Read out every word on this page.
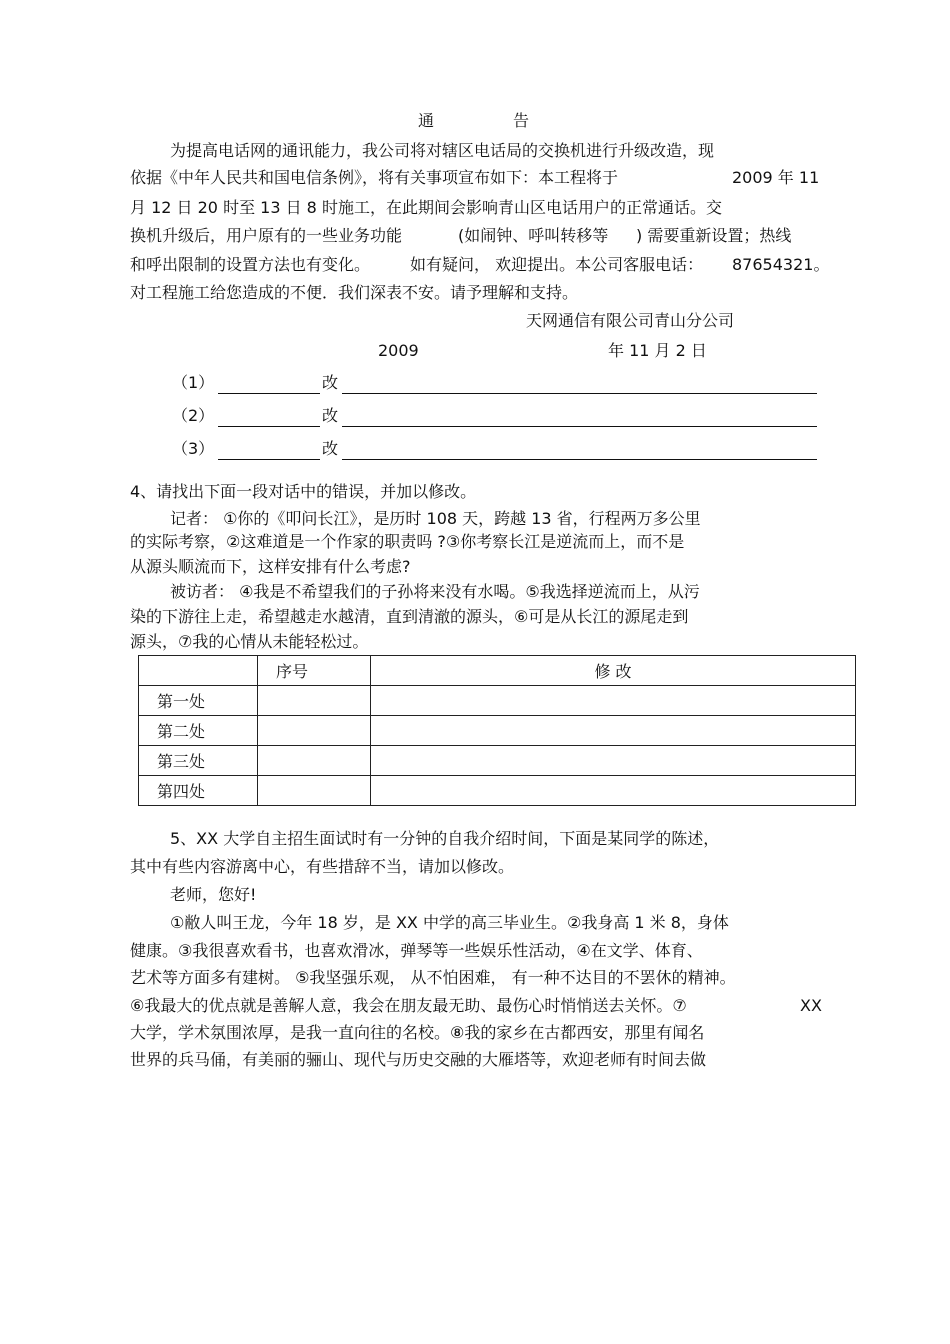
通	告
为提高电话网的通讯能力，我公司将对辖区电话局的交换机进行升级改造，现
依据《中年人民共和国电信条例》，将有关事项宣布如下：本工程将于	2009 年 11
月 12 日 20 时至 13 日 8 时施工，在此期间会影响青山区电话用户的正常通话。交
换机升级后，用户原有的一些业务功能	(如闹钟、呼叫转移等 ) 需要重新设置；热线
和呼出限制的设置方法也有变化。 如有疑问， 欢迎提出。本公司客服电话： 87654321。
对工程施工给您造成的不便．我们深表不安。请予理解和支持。
天网通信有限公司青山分公司
2009	年 11 月 2 日
（1）	改
（2）	改
（3）	改
4、请找出下面一段对话中的错误，并加以修改。
记者： ①你的《叩问长江》，是历时 108 天，跨越 13 省，行程两万多公里
的实际考察，②这难道是一个作家的职责吗 ?③你考察长江是逆流而上，而不是
从源头顺流而下，这样安排有什么考虑?
被访者： ④我是不希望我们的子孙将来没有水喝。⑤我选择逆流而上，从污
染的下游往上走，希望越走水越清，直到清澈的源头，⑥可是从长江的源尾走到
源头，⑦我的心情从未能轻松过。
	序号	修 改
第一处		
第二处		
第三处		
第四处		
5、XX 大学自主招生面试时有一分钟的自我介绍时间，下面是某同学的陈述，
其中有些内容游离中心，有些措辞不当，请加以修改。
老师，您好!
①敝人叫王龙，今年 18 岁，是 XX 中学的高三毕业生。②我身高 1 米 8，身体
健康。③我很喜欢看书，也喜欢滑冰，弹琴等一些娱乐性活动，④在文学、体育、
艺术等方面多有建树。 ⑤我坚强乐观， 从不怕困难， 有一种不达目的不罢休的精神。
⑥我最大的优点就是善解人意，我会在朋友最无助、最伤心时悄悄送去关怀。⑦	XX
大学，学术氛围浓厚，是我一直向往的名校。⑧我的家乡在古都西安，那里有闻名
世界的兵马俑，有美丽的骊山、现代与历史交融的大雁塔等，欢迎老师有时间去做
